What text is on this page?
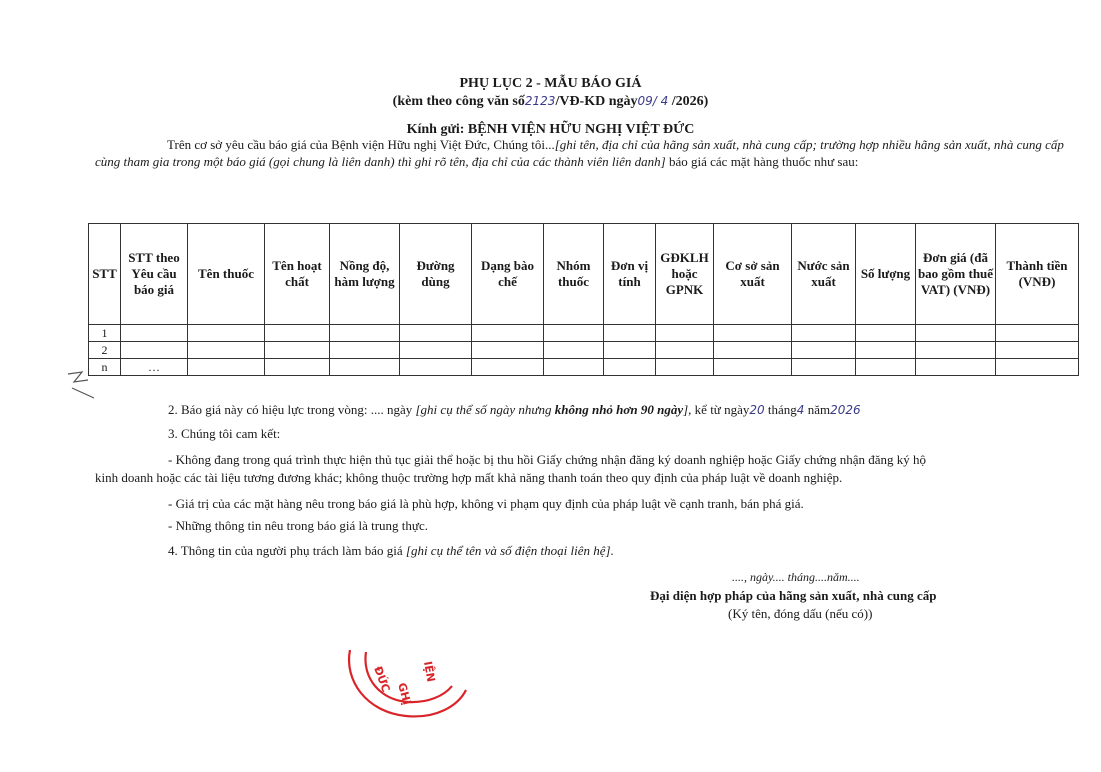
PHỤ LỤC 2 - MẪU BÁO GIÁ
(kèm theo công văn số2123/VĐ-KD ngày09/ 4 /2026)
Kính gửi: BỆNH VIỆN HỮU NGHỊ VIỆT ĐỨC
Trên cơ sở yêu cầu báo giá của Bệnh viện Hữu nghị Việt Đức, Chúng tôi...[ghi tên, địa chỉ của hãng sản xuất, nhà cung cấp; trường hợp nhiều hãng sản xuất, nhà cung cấp cùng tham gia trong một báo giá (gọi chung là liên danh) thì ghi rõ tên, địa chỉ của các thành viên liên danh] báo giá các mặt hàng thuốc như sau:
STT	STT theo Yêu cầu báo giá	Tên thuốc	Tên hoạt chất	Nồng độ, hàm lượng	Đường dùng	Dạng bào chế	Nhóm thuốc	Đơn vị tính	GĐKLH hoặc GPNK	Cơ sở sản xuất	Nước sản xuất	Số lượng	Đơn giá (đã bao gồm thuế VAT) (VNĐ)	Thành tiền (VNĐ)
1														
2														
n	…													
2. Báo giá này có hiệu lực trong vòng: .... ngày [ghi cụ thể số ngày nhưng không nhỏ hơn 90 ngày], kể từ ngày20 tháng4 năm2026
3. Chúng tôi cam kết:
- Không đang trong quá trình thực hiện thủ tục giải thể hoặc bị thu hồi Giấy chứng nhận đăng ký doanh nghiệp hoặc Giấy chứng nhận đăng ký hộ
kinh doanh hoặc các tài liệu tương đương khác; không thuộc trường hợp mất khả năng thanh toán theo quy định của pháp luật về doanh nghiệp.
- Giá trị của các mặt hàng nêu trong báo giá là phù hợp, không vi phạm quy định của pháp luật về cạnh tranh, bán phá giá.
- Những thông tin nêu trong báo giá là trung thực.
4. Thông tin của người phụ trách làm báo giá [ghi cụ thể tên và số điện thoại liên hệ].
...., ngày.... tháng....năm....
Đại diện hợp pháp của hãng sản xuất, nhà cung cấp
(Ký tên, đóng dấu (nếu có))
ĐỨC GHỊ
IỆN
